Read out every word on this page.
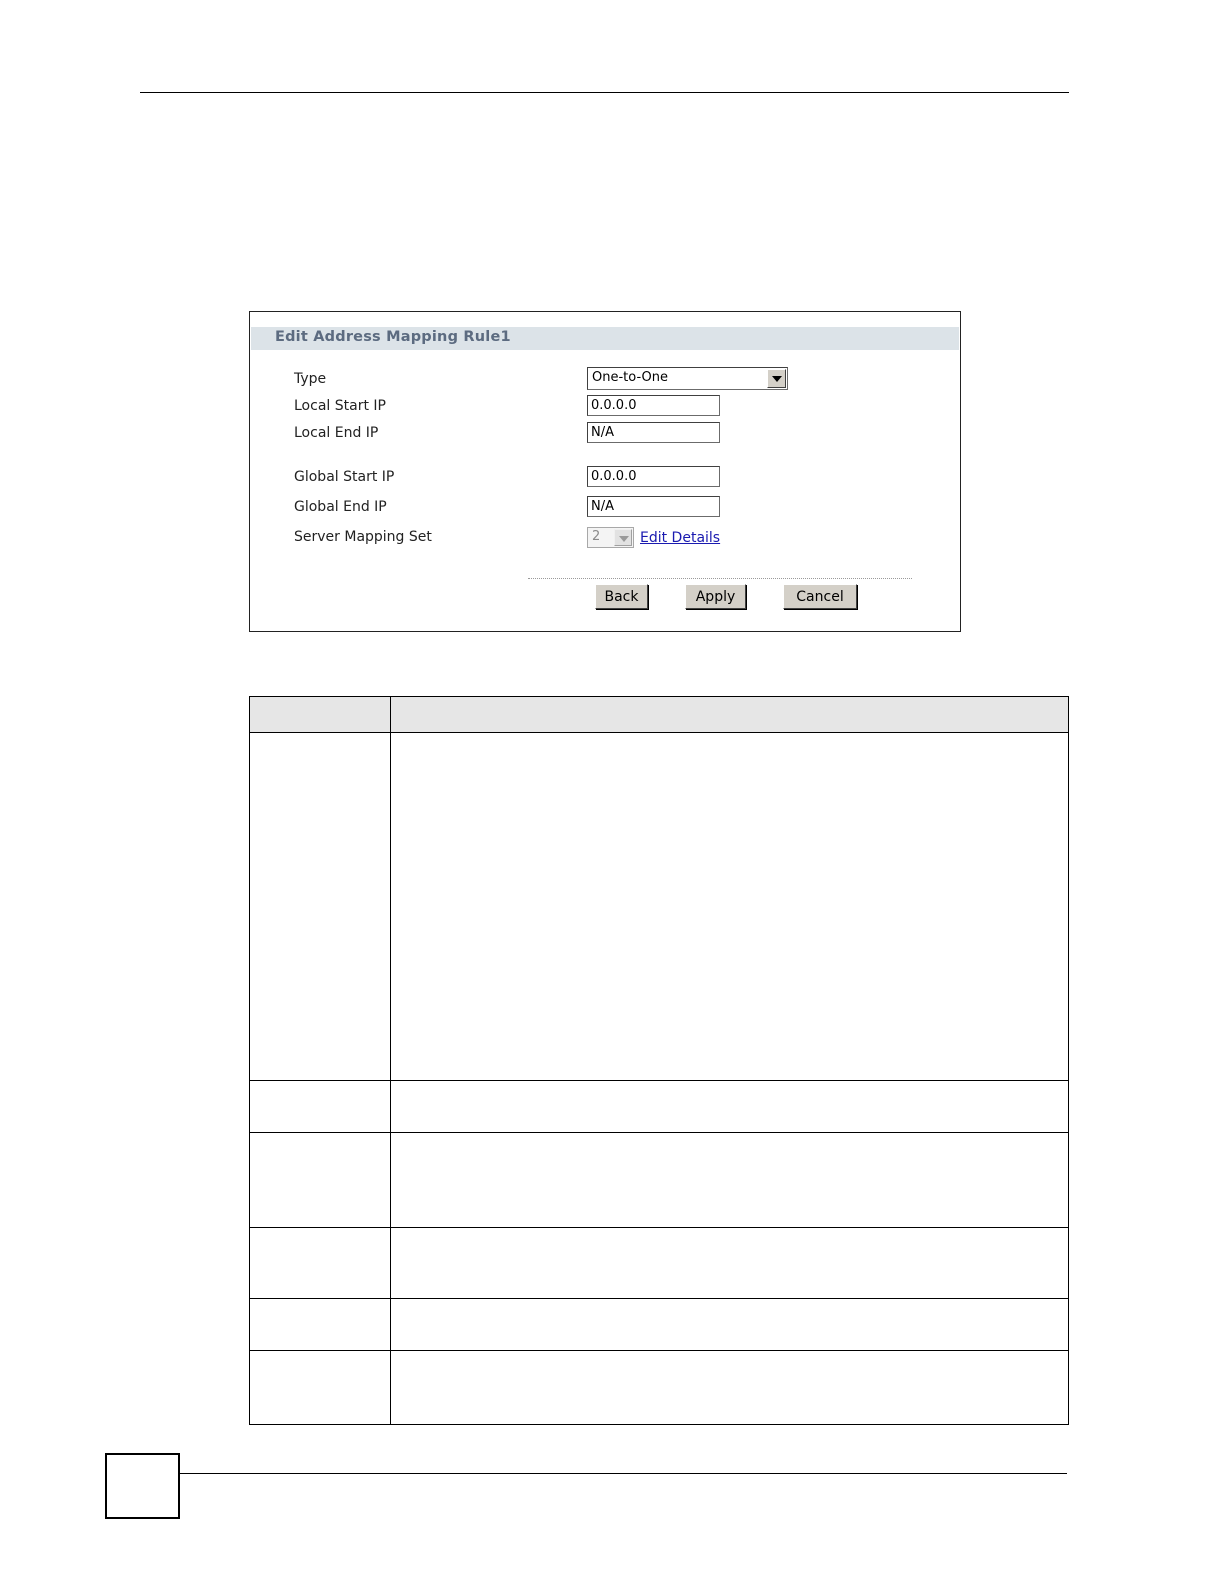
Edit Address Mapping Rule1
Type	One-to-One
Local Start IP	0.0.0.0
Local End IP	N/A
Global Start IP	0.0.0.0
Global End IP	N/A
Server Mapping Set	2	Edit Details
Back	Apply	Cancel
